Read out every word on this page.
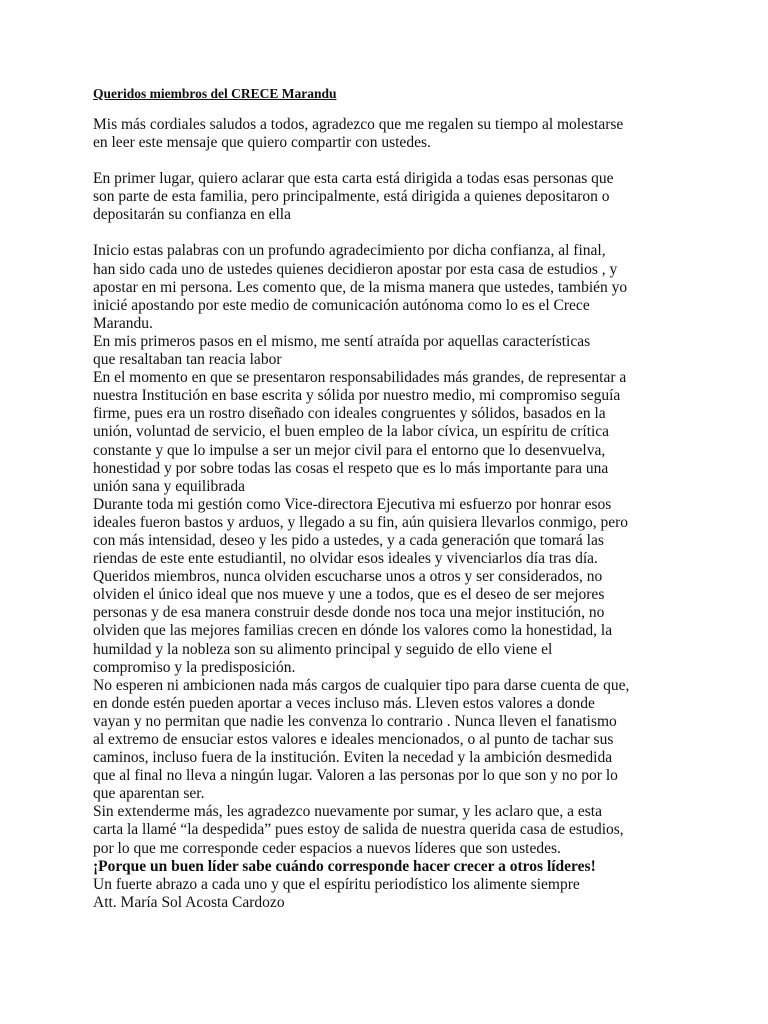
Queridos miembros del CRECE Marandu

Mis más cordiales saludos a todos, agradezco que me regalen su tiempo al molestarse
en leer este mensaje que quiero compartir con ustedes.

En primer lugar, quiero aclarar que esta carta está dirigida a todas esas personas que
son parte de esta familia, pero principalmente, está dirigida a quienes depositaron o
depositarán su confianza en ella

Inicio estas palabras con un profundo agradecimiento por dicha confianza, al final,
han sido cada uno de ustedes quienes decidieron apostar por esta casa de estudios , y
apostar en mi persona. Les comento que, de la misma manera que ustedes, también yo
inicié apostando por este medio de comunicación autónoma como lo es el Crece
Marandu.
En mis primeros pasos en el mismo, me sentí atraída por aquellas características
que resaltaban tan reacia labor
En el momento en que se presentaron responsabilidades más grandes, de representar a
nuestra Institución en base escrita y sólida por nuestro medio, mi compromiso seguía
firme, pues era un rostro diseñado con ideales congruentes y sólidos, basados en la
unión, voluntad de servicio, el buen empleo de la labor cívica, un espíritu de crítica
constante y que lo impulse a ser un mejor civil para el entorno que lo desenvuelva,
honestidad y por sobre todas las cosas el respeto que es lo más importante para una
unión sana y equilibrada
Durante toda mi gestión como Vice-directora Ejecutiva mi esfuerzo por honrar esos
ideales fueron bastos y arduos, y llegado a su fin, aún quisiera llevarlos conmigo, pero
con más intensidad, deseo y les pido a ustedes, y a cada generación que tomará las
riendas de este ente estudiantil, no olvidar esos ideales y vivenciarlos día tras día.
Queridos miembros, nunca olviden escucharse unos a otros y ser considerados, no
olviden el único ideal que nos mueve y une a todos, que es el deseo de ser mejores
personas y de esa manera construir desde donde nos toca una mejor institución, no
olviden que las mejores familias crecen en dónde los valores como la honestidad, la
humildad y la nobleza son su alimento principal y seguido de ello viene el
compromiso y la predisposición.
No esperen ni ambicionen nada más cargos de cualquier tipo para darse cuenta de que,
en donde estén pueden aportar a veces incluso más. Lleven estos valores a donde
vayan y no permitan que nadie les convenza lo contrario . Nunca lleven el fanatismo
al extremo de ensuciar estos valores e ideales mencionados, o al punto de tachar sus
caminos, incluso fuera de la institución. Eviten la necedad y la ambición desmedida
que al final no lleva a ningún lugar. Valoren a las personas por lo que son y no por lo
que aparentan ser.
Sin extenderme más, les agradezco nuevamente por sumar, y les aclaro que, a esta
carta la llamé “la despedida” pues estoy de salida de nuestra querida casa de estudios,
por lo que me corresponde ceder espacios a nuevos líderes que son ustedes.
¡Porque un buen líder sabe cuándo corresponde hacer crecer a otros líderes!
Un fuerte abrazo a cada uno y que el espíritu periodístico los alimente siempre
Att. María Sol Acosta Cardozo
